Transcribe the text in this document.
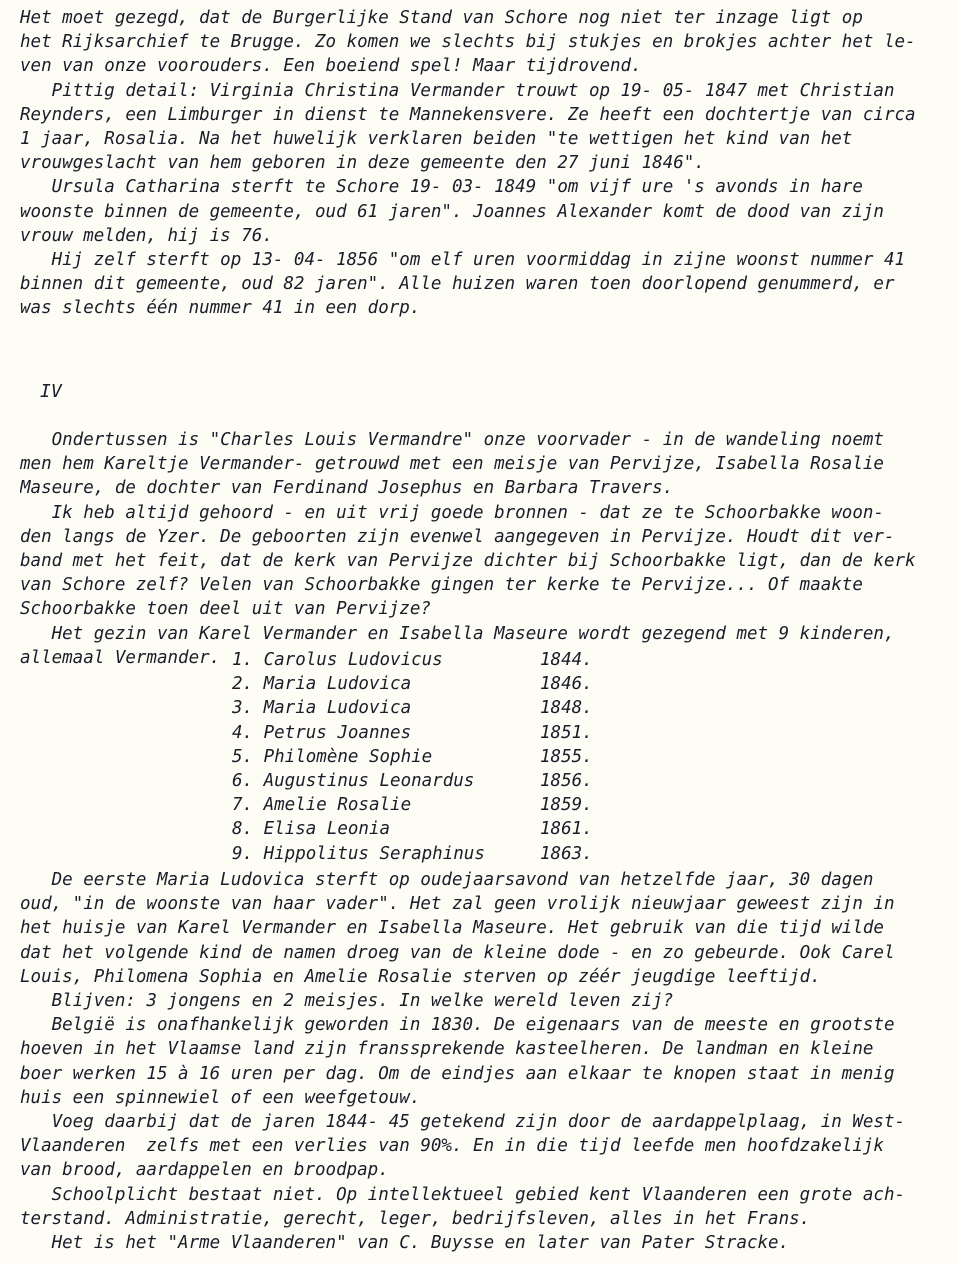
Het moet gezegd, dat de Burgerlijke Stand van Schore nog niet ter inzage ligt op
het Rijksarchief te Brugge. Zo komen we slechts bij stukjes en brokjes achter het le-
ven van onze voorouders. Een boeiend spel! Maar tijdrovend.
Pittig detail: Virginia Christina Vermander trouwt op 19- 05- 1847 met Christian
Reynders, een Limburger in dienst te Mannekensvere. Ze heeft een dochtertje van circa
1 jaar, Rosalia. Na het huwelijk verklaren beiden "te wettigen het kind van het
vrouwgeslacht van hem geboren in deze gemeente den 27 juni 1846".
Ursula Catharina sterft te Schore 19- 03- 1849 "om vijf ure 's avonds in hare
woonste binnen de gemeente, oud 61 jaren". Joannes Alexander komt de dood van zijn
vrouw melden, hij is 76.
Hij zelf sterft op 13- 04- 1856 "om elf uren voormiddag in zijne woonst nummer 41
binnen dit gemeente, oud 82 jaren". Alle huizen waren toen doorlopend genummerd, er
was slechts één nummer 41 in een dorp.

IV

Ondertussen is "Charles Louis Vermandre" onze voorvader - in de wandeling noemt
men hem Kareltje Vermander- getrouwd met een meisje van Pervijze, Isabella Rosalie
Maseure, de dochter van Ferdinand Josephus en Barbara Travers.
Ik heb altijd gehoord - en uit vrij goede bronnen - dat ze te Schoorbakke woon-
den langs de Yzer. De geboorten zijn evenwel aangegeven in Pervijze. Houdt dit ver-
band met het feit, dat de kerk van Pervijze dichter bij Schoorbakke ligt, dan de kerk
van Schore zelf? Velen van Schoorbakke gingen ter kerke te Pervijze... Of maakte
Schoorbakke toen deel uit van Pervijze?
Het gezin van Karel Vermander en Isabella Maseure wordt gezegend met 9 kinderen,
allemaal Vermander. 1. Carolus Ludovicus	1844.
2. Maria Ludovica	1846.
3. Maria Ludovica	1848.
4. Petrus Joannes	1851.
5. Philomène Sophie	1855.
6. Augustinus Leonardus	1856.
7. Amelie Rosalie	1859.
8. Elisa Leonia	1861.
9. Hippolitus Seraphinus	1863.
De eerste Maria Ludovica sterft op oudejaarsavond van hetzelfde jaar, 30 dagen
oud, "in de woonste van haar vader". Het zal geen vrolijk nieuwjaar geweest zijn in
het huisje van Karel Vermander en Isabella Maseure. Het gebruik van die tijd wilde
dat het volgende kind de namen droeg van de kleine dode - en zo gebeurde. Ook Carel
Louis, Philomena Sophia en Amelie Rosalie sterven op zéér jeugdige leeftijd.
Blijven: 3 jongens en 2 meisjes. In welke wereld leven zij?
België is onafhankelijk geworden in 1830. De eigenaars van de meeste en grootste
hoeven in het Vlaamse land zijn franssprekende kasteelheren. De landman en kleine
boer werken 15 à 16 uren per dag. Om de eindjes aan elkaar te knopen staat in menig
huis een spinnewiel of een weefgetouw.
Voeg daarbij dat de jaren 1844- 45 getekend zijn door de aardappelplaag, in West-
Vlaanderen  zelfs met een verlies van 90%. En in die tijd leefde men hoofdzakelijk
van brood, aardappelen en broodpap.
Schoolplicht bestaat niet. Op intellektueel gebied kent Vlaanderen een grote ach-
terstand. Administratie, gerecht, leger, bedrijfsleven, alles in het Frans.
Het is het "Arme Vlaanderen" van C. Buysse en later van Pater Stracke.
